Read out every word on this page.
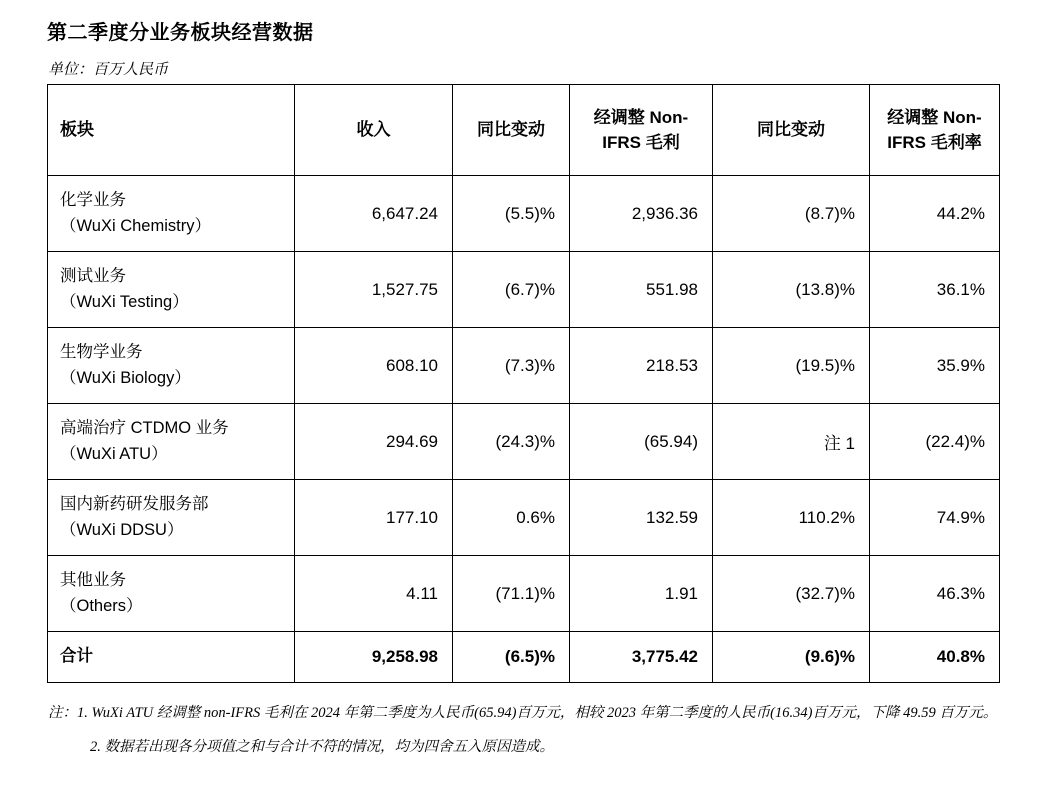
第二季度分业务板块经营数据
单位：百万人民币
板块	收入	同比变动	经调整 Non-IFRS 毛利	同比变动	经调整 Non-IFRS 毛利率

化学业务
（WuXi Chemistry）	6,647.24	(5.5)%	2,936.36	(8.7)%	44.2%

测试业务
（WuXi Testing）	1,527.75	(6.7)%	551.98	(13.8)%	36.1%

生物学业务
（WuXi Biology）	608.10	(7.3)%	218.53	(19.5)%	35.9%

高端治疗 CTDMO 业务
（WuXi ATU）	294.69	(24.3)%	(65.94)	注 1	(22.4)%

国内新药研发服务部
（WuXi DDSU）	177.10	0.6%	132.59	110.2%	74.9%

其他业务
（Others）	4.11	(71.1)%	1.91	(32.7)%	46.3%
合计	9,258.98	(6.5)%	3,775.42	(9.6)%	40.8%
注：1. WuXi ATU 经调整 non-IFRS 毛利在 2024 年第二季度为人民币(65.94)百万元，相较 2023 年第二季度的人民币(16.34)百万元，下降 49.59 百万元。
2. 数据若出现各分项值之和与合计不符的情况，均为四舍五入原因造成。
